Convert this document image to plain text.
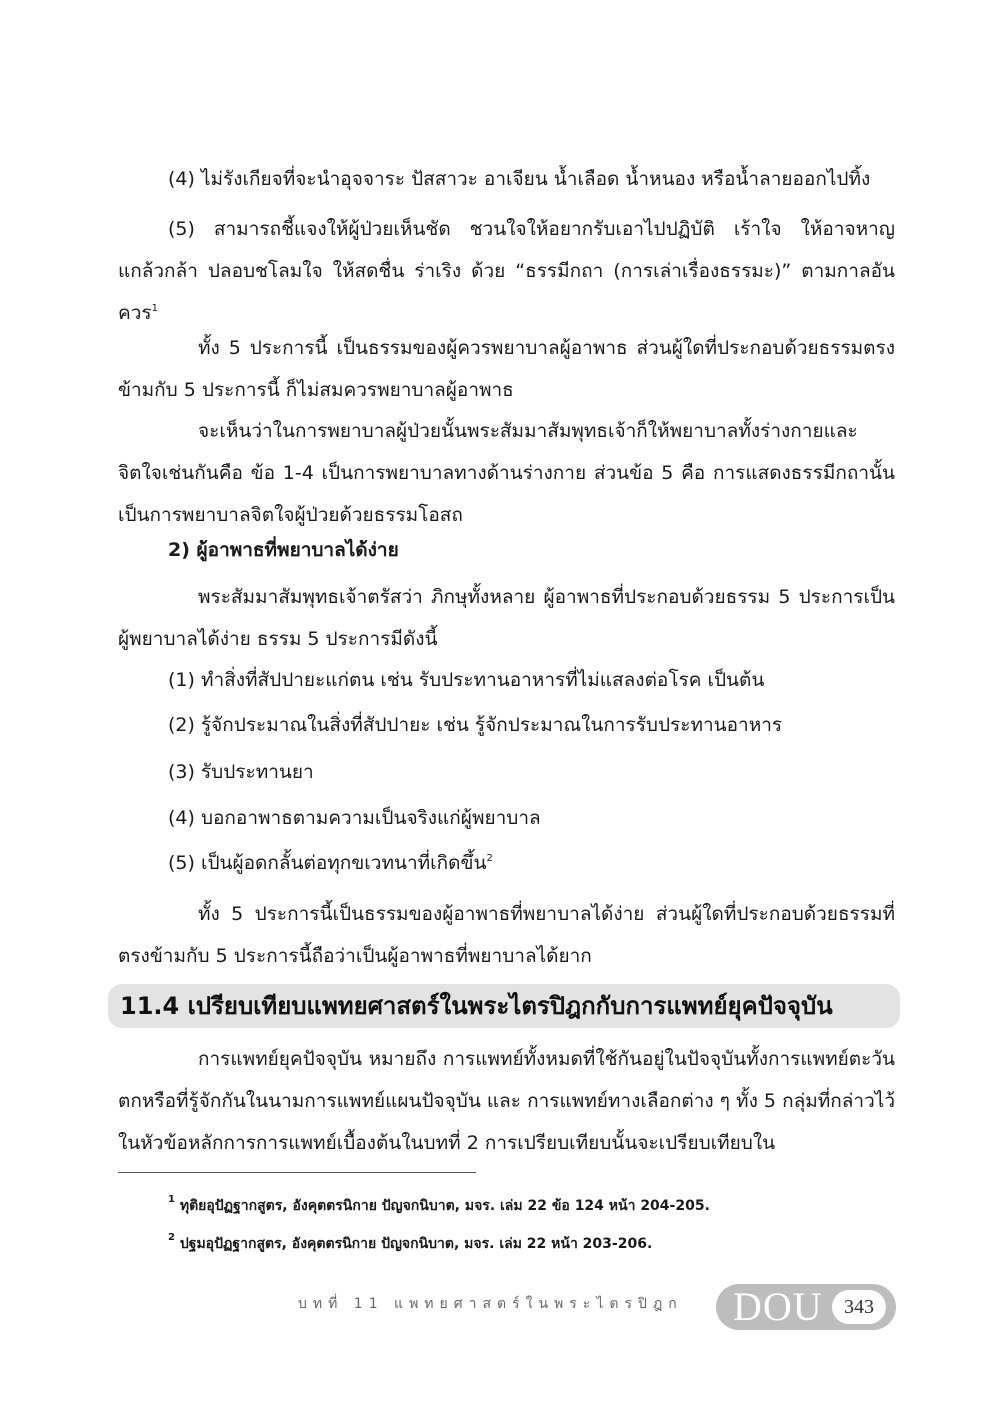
(4) ไม่รังเกียจที่จะนำอุจจาระ ปัสสาวะ อาเจียน น้ำเลือด น้ำหนอง หรือน้ำลายออกไปทิ้ง

(5) สามารถชี้แจงให้ผู้ป่วยเห็นชัด ชวนใจให้อยากรับเอาไปปฏิบัติ เร้าใจ ให้อาจหาญ แกล้วกล้า ปลอบชโลมใจ ให้สดชื่น ร่าเริง ด้วย “ธรรมีกถา (การเล่าเรื่องธรรมะ)” ตามกาลอันควร$^1$

ทั้ง 5 ประการนี้ เป็นธรรมของผู้ควรพยาบาลผู้อาพาธ ส่วนผู้ใดที่ประกอบด้วยธรรมตรงข้ามกับ 5 ประการนี้ ก็ไม่สมควรพยาบาลผู้อาพาธ

จะเห็นว่าในการพยาบาลผู้ป่วยนั้นพระสัมมาสัมพุทธเจ้าก็ให้พยาบาลทั้งร่างกายและจิตใจเช่นกันคือ ข้อ 1-4 เป็นการพยาบาลทางด้านร่างกาย ส่วนข้อ 5 คือ การแสดงธรรมีกถานั้น เป็นการพยาบาลจิตใจผู้ป่วยด้วยธรรมโอสถ

2) ผู้อาพาธที่พยาบาลได้ง่าย

พระสัมมาสัมพุทธเจ้าตรัสว่า ภิกษุทั้งหลาย ผู้อาพาธที่ประกอบด้วยธรรม 5 ประการเป็นผู้พยาบาลได้ง่าย ธรรม 5 ประการมีดังนี้

(1) ทำสิ่งที่สัปปายะแก่ตน เช่น รับประทานอาหารที่ไม่แสลงต่อโรค เป็นต้น

(2) รู้จักประมาณในสิ่งที่สัปปายะ เช่น รู้จักประมาณในการรับประทานอาหาร

(3) รับประทานยา

(4) บอกอาพาธตามความเป็นจริงแก่ผู้พยาบาล

(5) เป็นผู้อดกลั้นต่อทุกขเวทนาที่เกิดขึ้น$^2$

ทั้ง 5 ประการนี้เป็นธรรมของผู้อาพาธที่พยาบาลได้ง่าย ส่วนผู้ใดที่ประกอบด้วยธรรมที่ตรงข้ามกับ 5 ประการนี้ถือว่าเป็นผู้อาพาธที่พยาบาลได้ยาก

11.4 เปรียบเทียบแพทยศาสตร์ในพระไตรปิฎกกับการแพทย์ยุคปัจจุบัน

การแพทย์ยุคปัจจุบัน หมายถึง การแพทย์ทั้งหมดที่ใช้กันอยู่ในปัจจุบันทั้งการแพทย์ตะวันตกหรือที่รู้จักกันในนามการแพทย์แผนปัจจุบัน และ การแพทย์ทางเลือกต่าง ๆ ทั้ง 5 กลุ่มที่กล่าวไว้ในหัวข้อหลักการการแพทย์เบื้องต้นในบทที่ 2 การเปรียบเทียบนั้นจะเปรียบเทียบใน

$^1$ ทุติยอุปัฏฐากสูตร, อังคุตตรนิกาย ปัญจกนิบาต, มจร. เล่ม 22 ข้อ 124 หน้า 204-205.

$^2$ ปฐมอุปัฏฐากสูตร, อังคุตตรนิกาย ปัญจกนิบาต, มจร. เล่ม 22 หน้า 203-206.

บทที่ 11 แพทยศาสตร์ในพระไตรปิฎก DOU	343
